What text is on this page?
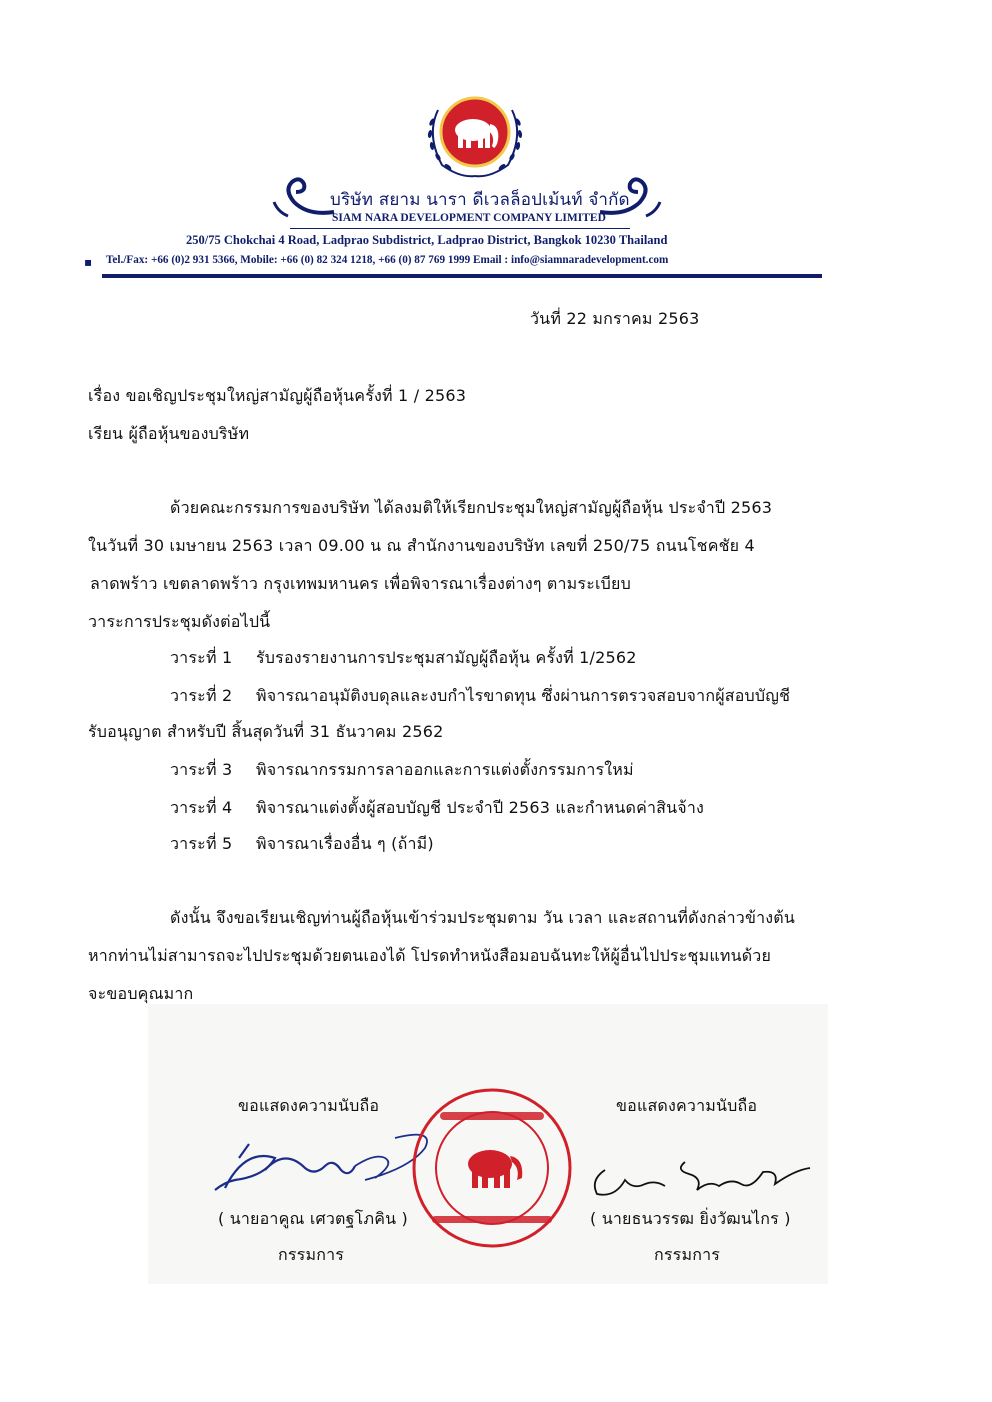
บริษัท สยาม นารา ดีเวลล็อปเม้นท์ จำกัด
SIAM NARA DEVELOPMENT COMPANY LIMITED
250/75 Chokchai 4 Road, Ladprao Subdistrict, Ladprao District, Bangkok 10230 Thailand
▪ Tel./Fax: +66 (0)2 931 5366, Mobile: +66 (0) 82 324 1218, +66 (0) 87 769 1999 Email : info@siamnaradevelopment.com
วันที่ 22 มกราคม 2563
เรื่อง ขอเชิญประชุมใหญ่สามัญผู้ถือหุ้นครั้งที่ 1 / 2563
เรียน ผู้ถือหุ้นของบริษัท
ด้วยคณะกรรมการของบริษัท ได้ลงมติให้เรียกประชุมใหญ่สามัญผู้ถือหุ้น ประจำปี 2563
ในวันที่ 30 เมษายน 2563 เวลา 09.00 น ณ สำนักงานของบริษัท เลขที่ 250/75 ถนนโชคชัย 4
ลาดพร้าว เขตลาดพร้าว กรุงเทพมหานคร เพื่อพิจารณาเรื่องต่างๆ ตามระเบียบ
วาระการประชุมดังต่อไปนี้
วาระที่ 1 รับรองรายงานการประชุมสามัญผู้ถือหุ้น ครั้งที่ 1/2562
วาระที่ 2 พิจารณาอนุมัติงบดุลและงบกำไรขาดทุน ซึ่งผ่านการตรวจสอบจากผู้สอบบัญชี
รับอนุญาต สำหรับปี สิ้นสุดวันที่ 31 ธันวาคม 2562
วาระที่ 3 พิจารณากรรมการลาออกและการแต่งตั้งกรรมการใหม่
วาระที่ 4 พิจารณาแต่งตั้งผู้สอบบัญชี ประจำปี 2563 และกำหนดค่าสินจ้าง
วาระที่ 5 พิจารณาเรื่องอื่น ๆ (ถ้ามี)
ดังนั้น จึงขอเรียนเชิญท่านผู้ถือหุ้นเข้าร่วมประชุมตาม วัน เวลา และสถานที่ดังกล่าวข้างต้น
หากท่านไม่สามารถจะไปประชุมด้วยตนเองได้ โปรดทำหนังสือมอบฉันทะให้ผู้อื่นไปประชุมแทนด้วย
จะขอบคุณมาก
ขอแสดงความนับถือ
( นายอาคูณ เศวตฐโภคิน )
กรรมการ
ขอแสดงความนับถือ
( นายธนวรรฒ ยิ่งวัฒนไกร )
กรรมการ
